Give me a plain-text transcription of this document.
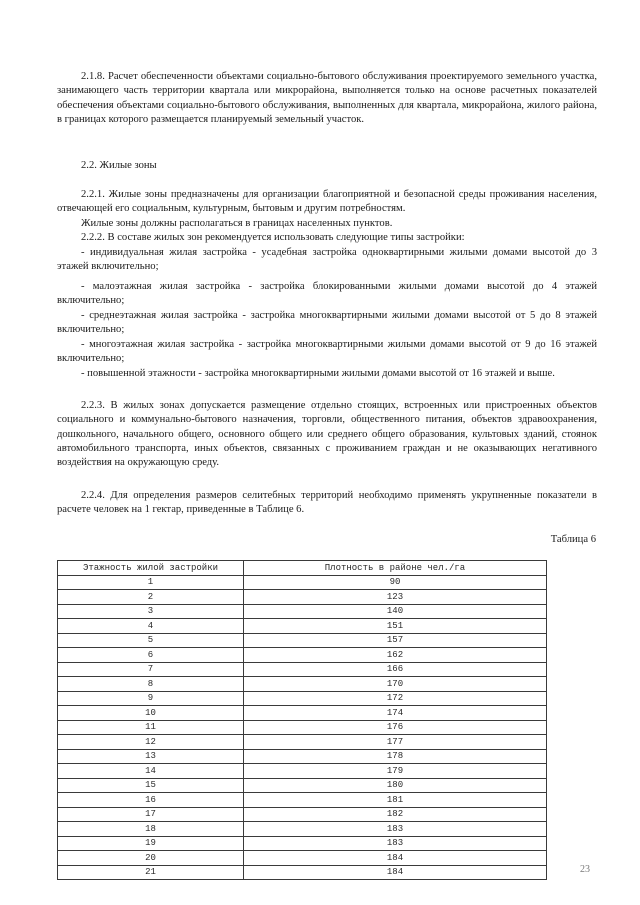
2.1.8. Расчет обеспеченности объектами социально-бытового обслуживания проектируемого земельного участка, занимающего часть территории квартала или микрорайона, выполняется только на основе расчетных показателей обеспечения объектами социально-бытового обслуживания, выполненных для квартала, микрорайона, жилого района, в границах которого размещается планируемый земельный участок.

2.2. Жилые зоны

2.2.1. Жилые зоны предназначены для организации благоприятной и безопасной среды проживания населения, отвечающей его социальным, культурным, бытовым и другим потребностям.

Жилые зоны должны располагаться в границах населенных пунктов.

2.2.2. В составе жилых зон рекомендуется использовать следующие типы застройки:

- индивидуальная жилая застройка - усадебная застройка одноквартирными жилыми домами высотой до 3 этажей включительно;

- малоэтажная жилая застройка - застройка блокированными жилыми домами высотой до 4 этажей включительно;

- среднеэтажная жилая застройка - застройка многоквартирными жилыми домами высотой от 5 до 8 этажей включительно;

- многоэтажная жилая застройка - застройка многоквартирными жилыми домами высотой от 9 до 16 этажей включительно;

- повышенной этажности - застройка многоквартирными жилыми домами высотой от 16 этажей и выше.

2.2.3. В жилых зонах допускается размещение отдельно стоящих, встроенных или пристроенных объектов социального и коммунально-бытового назначения, торговли, общественного питания, объектов здравоохранения, дошкольного, начального общего, основного общего или среднего общего образования, культовых зданий, стоянок автомобильного транспорта, иных объектов, связанных с проживанием граждан и не оказывающих негативного воздействия на окружающую среду.

2.2.4. Для определения размеров селитебных территорий необходимо применять укрупненные показатели в расчете человек на 1 гектар, приведенные в Таблице 6.

Таблица 6

Этажность жилой застройки	Плотность в районе чел./га
1	90
2	123
3	140
4	151
5	157
6	162
7	166
8	170
9	172
10	174
11	176
12	177
13	178
14	179
15	180
16	181
17	182
18	183
19	183
20	184
21	184	23
